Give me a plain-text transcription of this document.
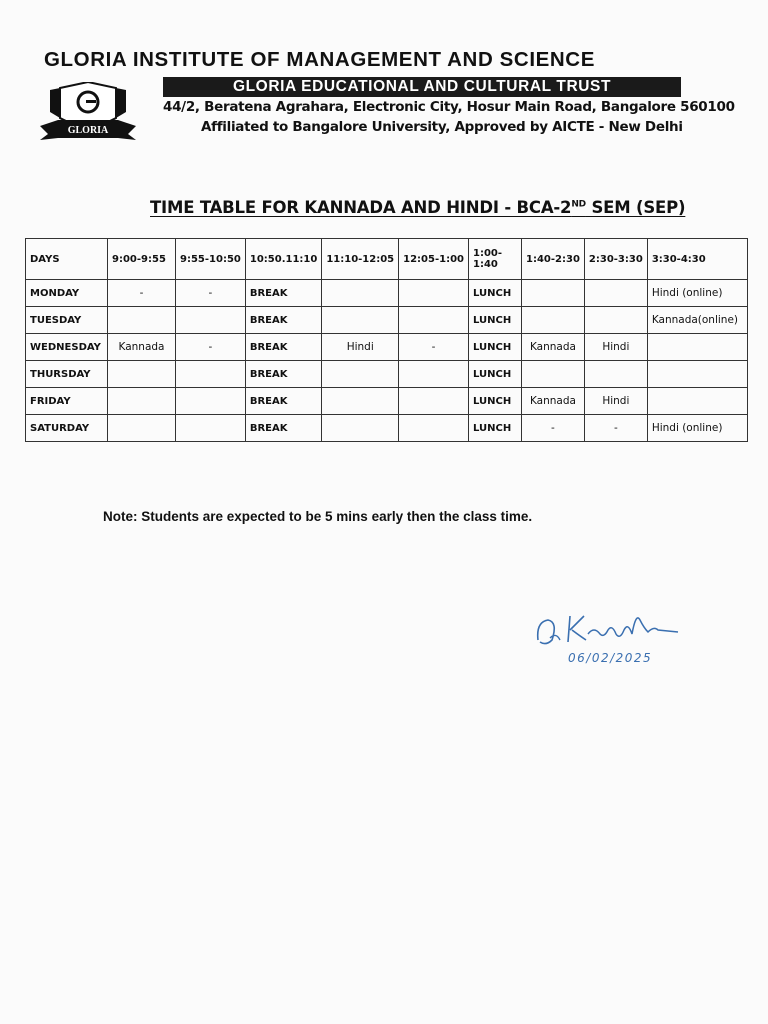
GLORIA INSTITUTE OF MANAGEMENT AND SCIENCE
GLORIA EDUCATIONAL AND CULTURAL TRUST
44/2, Beratena Agrahara, Electronic City, Hosur Main Road, Bangalore 560100
Affiliated to Bangalore University, Approved by AICTE - New Delhi
GLORIA
TIME TABLE FOR KANNADA AND HINDI - BCA-2ND SEM (SEP)
DAYS	9:00-9:55	9:55-10:50	10:50.11:10	11:10-12:05	12:05-1:00	1:00-1:40	1:40-2:30	2:30-3:30	3:30-4:30
MONDAY	-	-	BREAK			LUNCH			Hindi (online)
TUESDAY			BREAK			LUNCH			Kannada(online)
WEDNESDAY	Kannada	-	BREAK	Hindi	-	LUNCH	Kannada	Hindi	
THURSDAY			BREAK			LUNCH			
FRIDAY			BREAK			LUNCH	Kannada	Hindi	
SATURDAY			BREAK			LUNCH	-	-	Hindi (online)
Note: Students are expected to be 5 mins early then the class time.
06/02/2025
